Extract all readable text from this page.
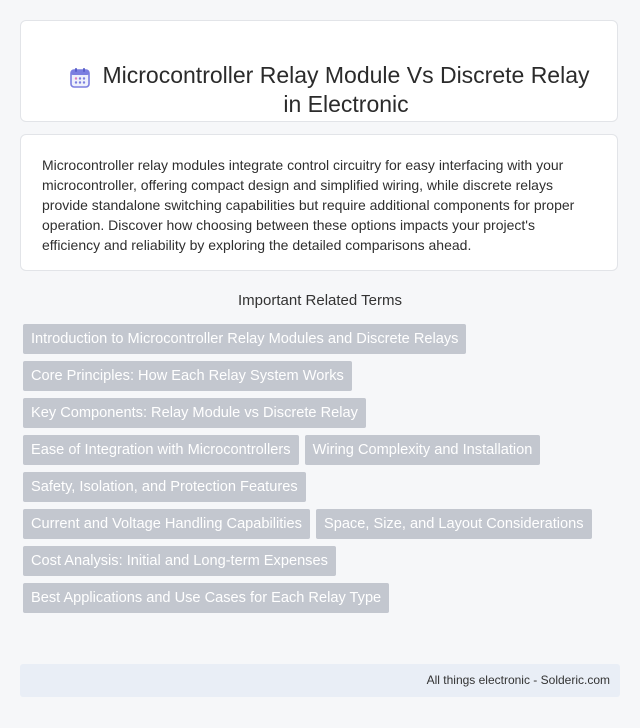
Microcontroller Relay Module Vs Discrete Relay in Electronic

Microcontroller relay modules integrate control circuitry for easy interfacing with your microcontroller, offering compact design and simplified wiring, while discrete relays provide standalone switching capabilities but require additional components for proper operation. Discover how choosing between these options impacts your project's efficiency and reliability by exploring the detailed comparisons ahead.

Important Related Terms
Introduction to Microcontroller Relay Modules and Discrete Relays
Core Principles: How Each Relay System Works
Key Components: Relay Module vs Discrete Relay
Ease of Integration with Microcontrollers	Wiring Complexity and Installation
Safety, Isolation, and Protection Features
Current and Voltage Handling Capabilities	Space, Size, and Layout Considerations
Cost Analysis: Initial and Long-term Expenses
Best Applications and Use Cases for Each Relay Type
All things electronic - Solderic.com
